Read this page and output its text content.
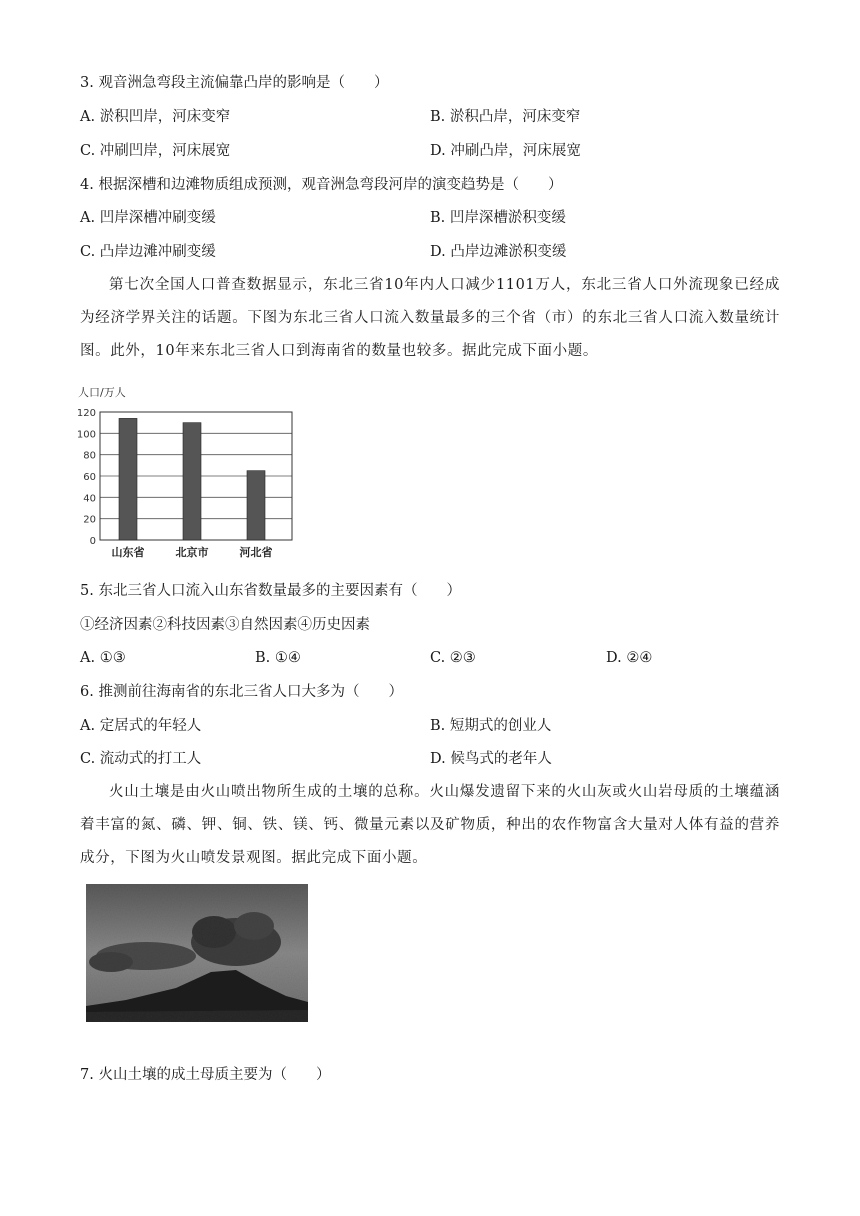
3. 观音洲急弯段主流偏靠凸岸的影响是（　　）
A. 淤积凹岸，河床变窄	B. 淤积凸岸，河床变窄
C. 冲刷凹岸，河床展宽	D. 冲刷凸岸，河床展宽
4. 根据深槽和边滩物质组成预测，观音洲急弯段河岸的演变趋势是（　　）
A. 凹岸深槽冲刷变缓	B. 凹岸深槽淤积变缓
C. 凸岸边滩冲刷变缓	D. 凸岸边滩淤积变缓
第七次全国人口普查数据显示，东北三省10年内人口减少1101万人，东北三省人口外流现象已经成为经济学界关注的话题。下图为东北三省人口流入数量最多的三个省（市）的东北三省人口流入数量统计图。此外，10年来东北三省人口到海南省的数量也较多。据此完成下面小题。
人口/万人
0
20
40
60
80
100
120
山东省	北京市	河北省
5. 东北三省人口流入山东省数量最多的主要因素有（　　）
①经济因素②科技因素③自然因素④历史因素
A. ①③	B. ①④	C. ②③	D. ②④
6. 推测前往海南省的东北三省人口大多为（　　）
A. 定居式的年轻人	B. 短期式的创业人
C. 流动式的打工人	D. 候鸟式的老年人
火山土壤是由火山喷出物所生成的土壤的总称。火山爆发遗留下来的火山灰或火山岩母质的土壤蕴涵着丰富的氮、磷、钾、铜、铁、镁、钙、微量元素以及矿物质，种出的农作物富含大量对人体有益的营养成分，下图为火山喷发景观图。据此完成下面小题。
7. 火山土壤的成土母质主要为（　　）
